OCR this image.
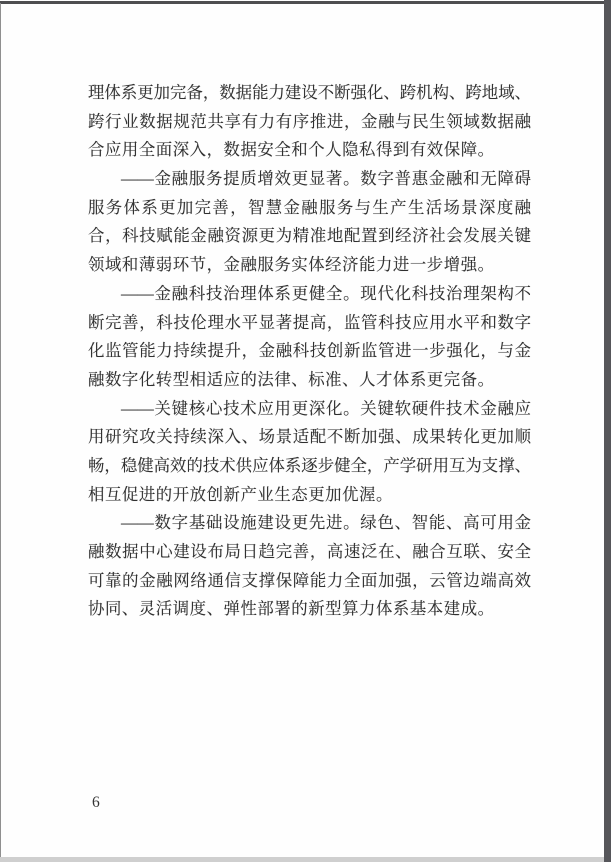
理体系更加完备，数据能力建设不断强化、跨机构、跨地域、
跨行业数据规范共享有力有序推进，金融与民生领域数据融
合应用全面深入，数据安全和个人隐私得到有效保障。
——金融服务提质增效更显著。数字普惠金融和无障碍
服务体系更加完善，智慧金融服务与生产生活场景深度融
合，科技赋能金融资源更为精准地配置到经济社会发展关键
领域和薄弱环节，金融服务实体经济能力进一步增强。
——金融科技治理体系更健全。现代化科技治理架构不
断完善，科技伦理水平显著提高，监管科技应用水平和数字
化监管能力持续提升，金融科技创新监管进一步强化，与金
融数字化转型相适应的法律、标准、人才体系更完备。
——关键核心技术应用更深化。关键软硬件技术金融应
用研究攻关持续深入、场景适配不断加强、成果转化更加顺
畅，稳健高效的技术供应体系逐步健全，产学研用互为支撑、
相互促进的开放创新产业生态更加优渥。
——数字基础设施建设更先进。绿色、智能、高可用金
融数据中心建设布局日趋完善，高速泛在、融合互联、安全
可靠的金融网络通信支撑保障能力全面加强，云管边端高效
协同、灵活调度、弹性部署的新型算力体系基本建成。
6
